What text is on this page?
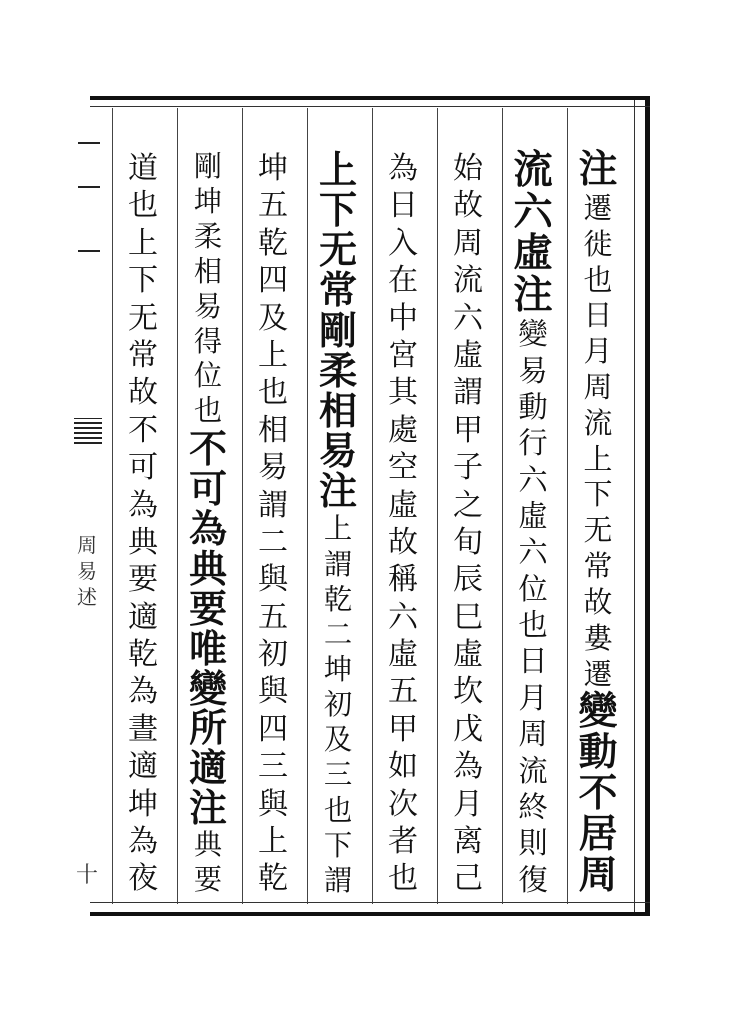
周
易
述
十
注
遷
徙
也
日
月
周
流
上
下
无
常
故
婁
遷
變
動
不
居
周
流
六
虛
注
變
易
動
行
六
虛
六
位
也
日
月
周
流
終
則
復
始
故
周
流
六
虛
謂
甲
子
之
旬
辰
巳
虛
坎
戊
為
月
离
己
為
日
入
在
中
宮
其
處
空
虛
故
稱
六
虛
五
甲
如
次
者
也
上
下
无
常
剛
柔
相
易
注
上
謂
乾
二
坤
初
及
三
也
下
謂
坤
五
乾
四
及
上
也
相
易
謂
二
與
五
初
與
四
三
與
上
乾
剛
坤
柔
相
易
得
位
也
不
可
為
典
要
唯
變
所
適
注
典
要
道
也
上
下
无
常
故
不
可
為
典
要
適
乾
為
晝
適
坤
為
夜
